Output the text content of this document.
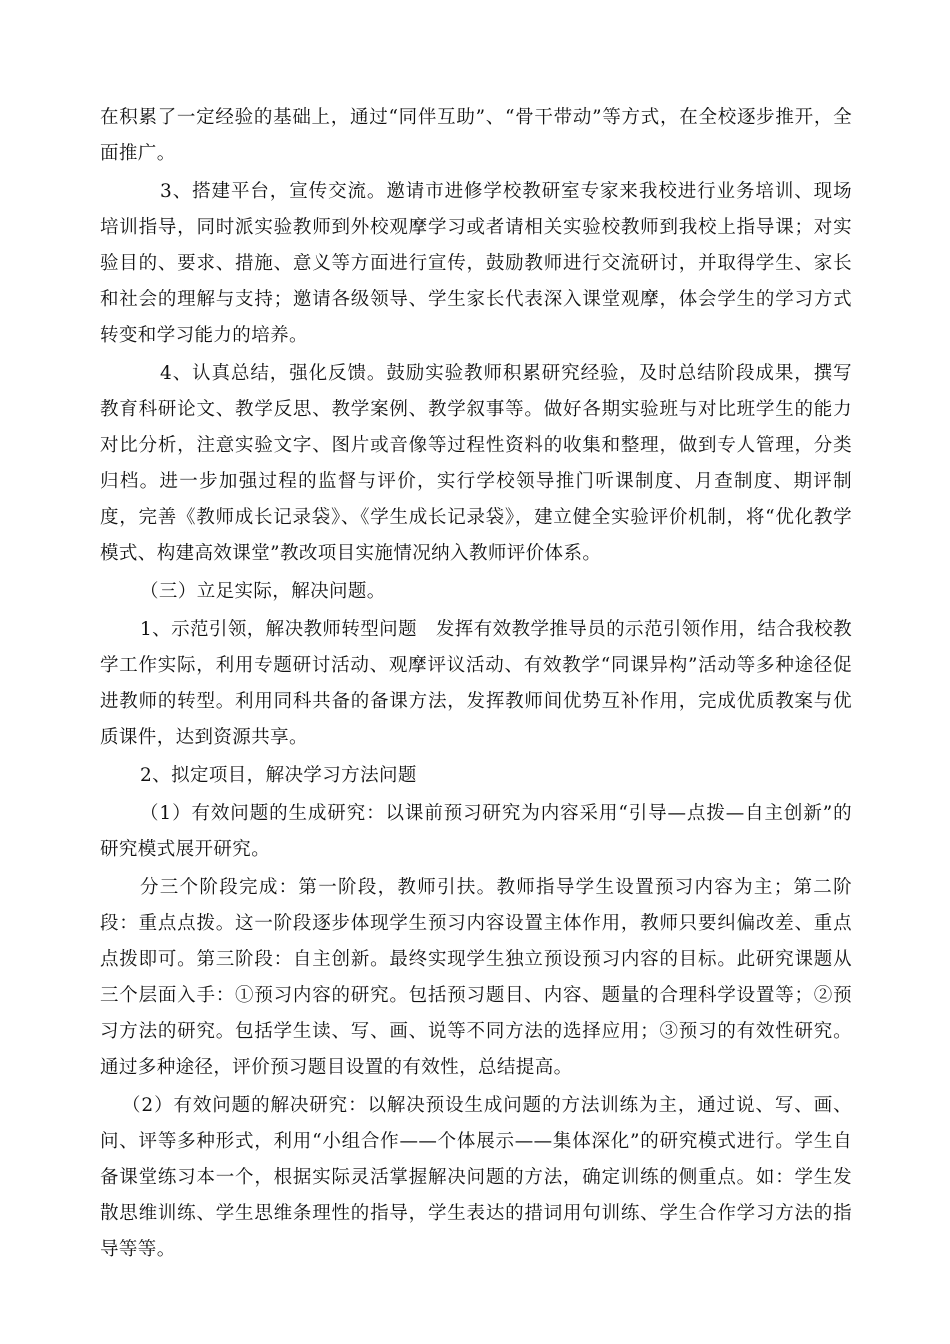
在积累了一定经验的基础上，通过“同伴互助”、“骨干带动”等方式，在全校逐步推开，全面推广。

3、搭建平台，宣传交流。邀请市进修学校教研室专家来我校进行业务培训、现场培训指导，同时派实验教师到外校观摩学习或者请相关实验校教师到我校上指导课；对实验目的、要求、措施、意义等方面进行宣传，鼓励教师进行交流研讨，并取得学生、家长和社会的理解与支持；邀请各级领导、学生家长代表深入课堂观摩，体会学生的学习方式转变和学习能力的培养。

4、认真总结，强化反馈。鼓励实验教师积累研究经验，及时总结阶段成果，撰写教育科研论文、教学反思、教学案例、教学叙事等。做好各期实验班与对比班学生的能力对比分析，注意实验文字、图片或音像等过程性资料的收集和整理，做到专人管理，分类归档。进一步加强过程的监督与评价，实行学校领导推门听课制度、月查制度、期评制度，完善《教师成长记录袋》、《学生成长记录袋》，建立健全实验评价机制，将“优化教学模式、构建高效课堂”教改项目实施情况纳入教师评价体系。

（三）立足实际，解决问题。

1、示范引领，解决教师转型问题　发挥有效教学推导员的示范引领作用，结合我校教学工作实际，利用专题研讨活动、观摩评议活动、有效教学“同课异构”活动等多种途径促进教师的转型。利用同科共备的备课方法，发挥教师间优势互补作用，完成优质教案与优质课件，达到资源共享。

2、拟定项目，解决学习方法问题

（1）有效问题的生成研究：以课前预习研究为内容采用“引导—点拨—自主创新”的研究模式展开研究。

分三个阶段完成：第一阶段，教师引扶。教师指导学生设置预习内容为主；第二阶段：重点点拨。这一阶段逐步体现学生预习内容设置主体作用，教师只要纠偏改差、重点点拨即可。第三阶段：自主创新。最终实现学生独立预设预习内容的目标。此研究课题从三个层面入手：①预习内容的研究。包括预习题目、内容、题量的合理科学设置等；②预习方法的研究。包括学生读、写、画、说等不同方法的选择应用；③预习的有效性研究。通过多种途径，评价预习题目设置的有效性，总结提高。

（2）有效问题的解决研究：以解决预设生成问题的方法训练为主，通过说、写、画、问、评等多种形式，利用“小组合作——个体展示——集体深化”的研究模式进行。学生自备课堂练习本一个，根据实际灵活掌握解决问题的方法，确定训练的侧重点。如：学生发散思维训练、学生思维条理性的指导，学生表达的措词用句训练、学生合作学习方法的指导等等。
